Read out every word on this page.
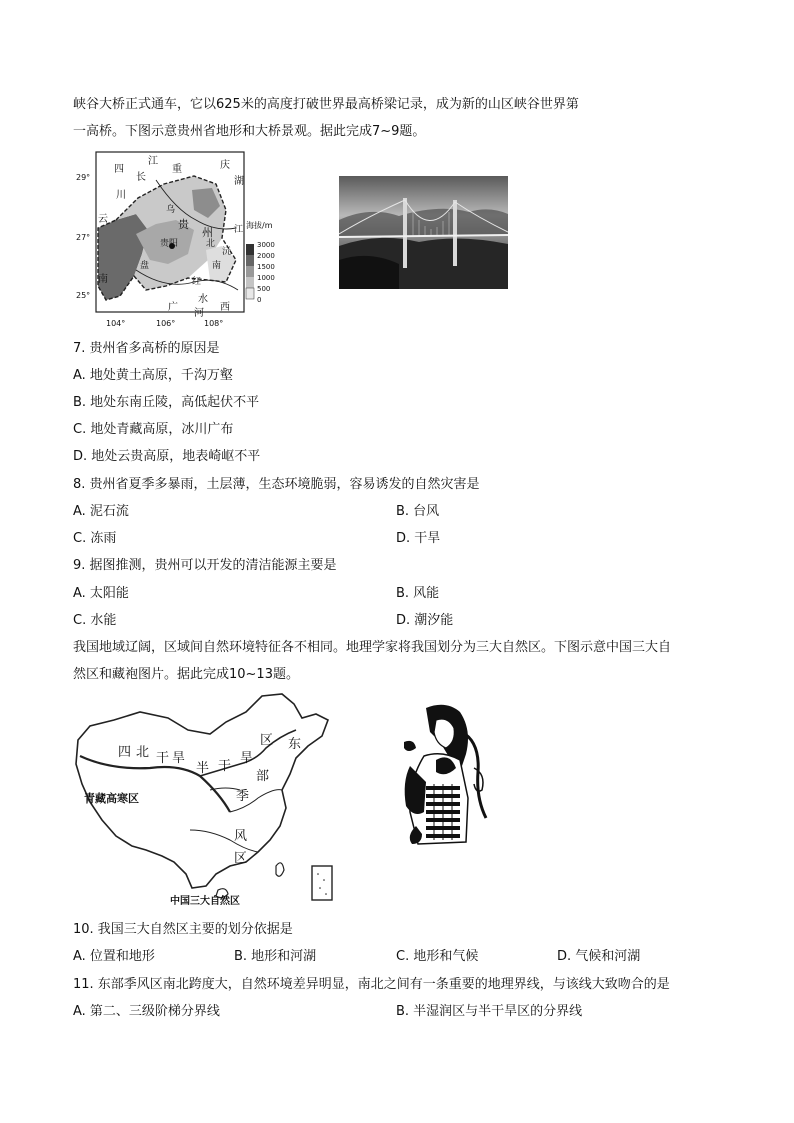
峡谷大桥正式通车，它以625米的高度打破世界最高桥梁记录，成为新的山区峡谷世界第
一高桥。下图示意贵州省地形和大桥景观。据此完成7~9题。
29°
27°
25°
104°	106°	108°
四
川
江
长
重	庆
湖
云	贵
州
贵阳
南
江
北
沅
盘
红
水
广
河
西
乌
南
海拔/m
3000
2000
1500
1000
500
0
7. 贵州省多高桥的原因是
A. 地处黄土高原，千沟万壑
B. 地处东南丘陵，高低起伏不平
C. 地处青藏高原，冰川广布
D. 地处云贵高原，地表崎岖不平
8. 贵州省夏季多暴雨，土层薄，生态环境脆弱，容易诱发的自然灾害是
A. 泥石流	B. 台风
C. 冻雨	D. 干旱
9. 据图推测，贵州可以开发的清洁能源主要是
A. 太阳能	B. 风能
C. 水能	D. 潮汐能
我国地域辽阔，区域间自然环境特征各不相同。地理学家将我国划分为三大自然区。下图示意中国三大自
然区和藏袍图片。据此完成10~13题。
四 北 干 旱
半 干
旱
区 东
部
季
风
区
青藏高寒区
中国三大自然区
10. 我国三大自然区主要的划分依据是
A. 位置和地形	B. 地形和河湖	C. 地形和气候	D. 气候和河湖
11. 东部季风区南北跨度大，自然环境差异明显，南北之间有一条重要的地理界线，与该线大致吻合的是
A. 第二、三级阶梯分界线	B. 半湿润区与半干旱区的分界线
